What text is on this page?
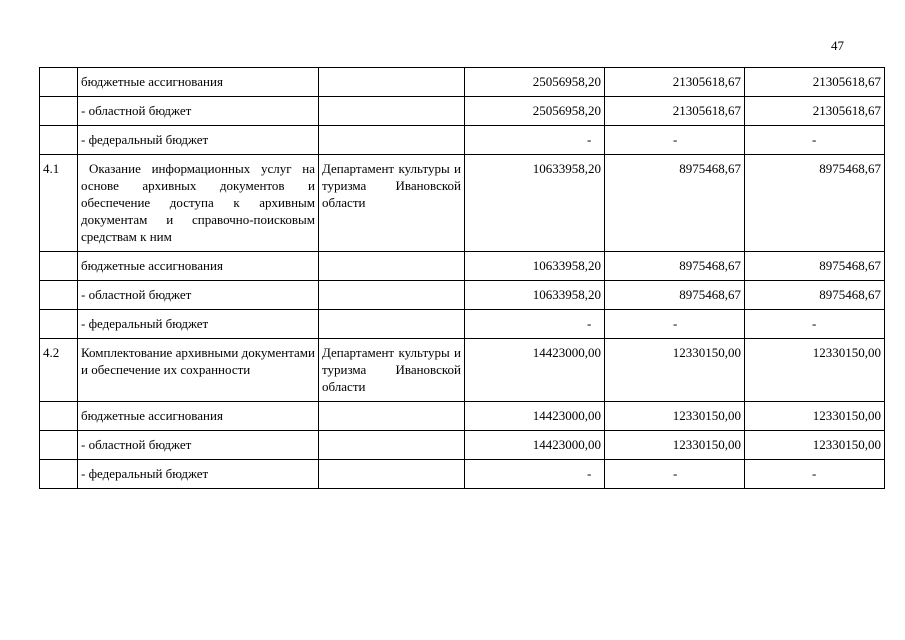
47
	бюджетные ассигнования		25056958,20	21305618,67	21305618,67
	- областной бюджет		25056958,20	21305618,67	21305618,67
	- федеральный бюджет		-	-	-
4.1	Оказание информационных услуг на основе архивных документов и обеспечение доступа к архивным документам и справочно-поисковым средствам к ним	Департамент культуры и туризма Ивановской области	10633958,20	8975468,67	8975468,67
	бюджетные ассигнования		10633958,20	8975468,67	8975468,67
	- областной бюджет		10633958,20	8975468,67	8975468,67
	- федеральный бюджет		-	-	-
4.2	Комплектование архивными документами и обеспечение их сохранности	Департамент культуры и туризма Ивановской области	14423000,00	12330150,00	12330150,00
	бюджетные ассигнования		14423000,00	12330150,00	12330150,00
	- областной бюджет		14423000,00	12330150,00	12330150,00
	- федеральный бюджет		-	-	-
